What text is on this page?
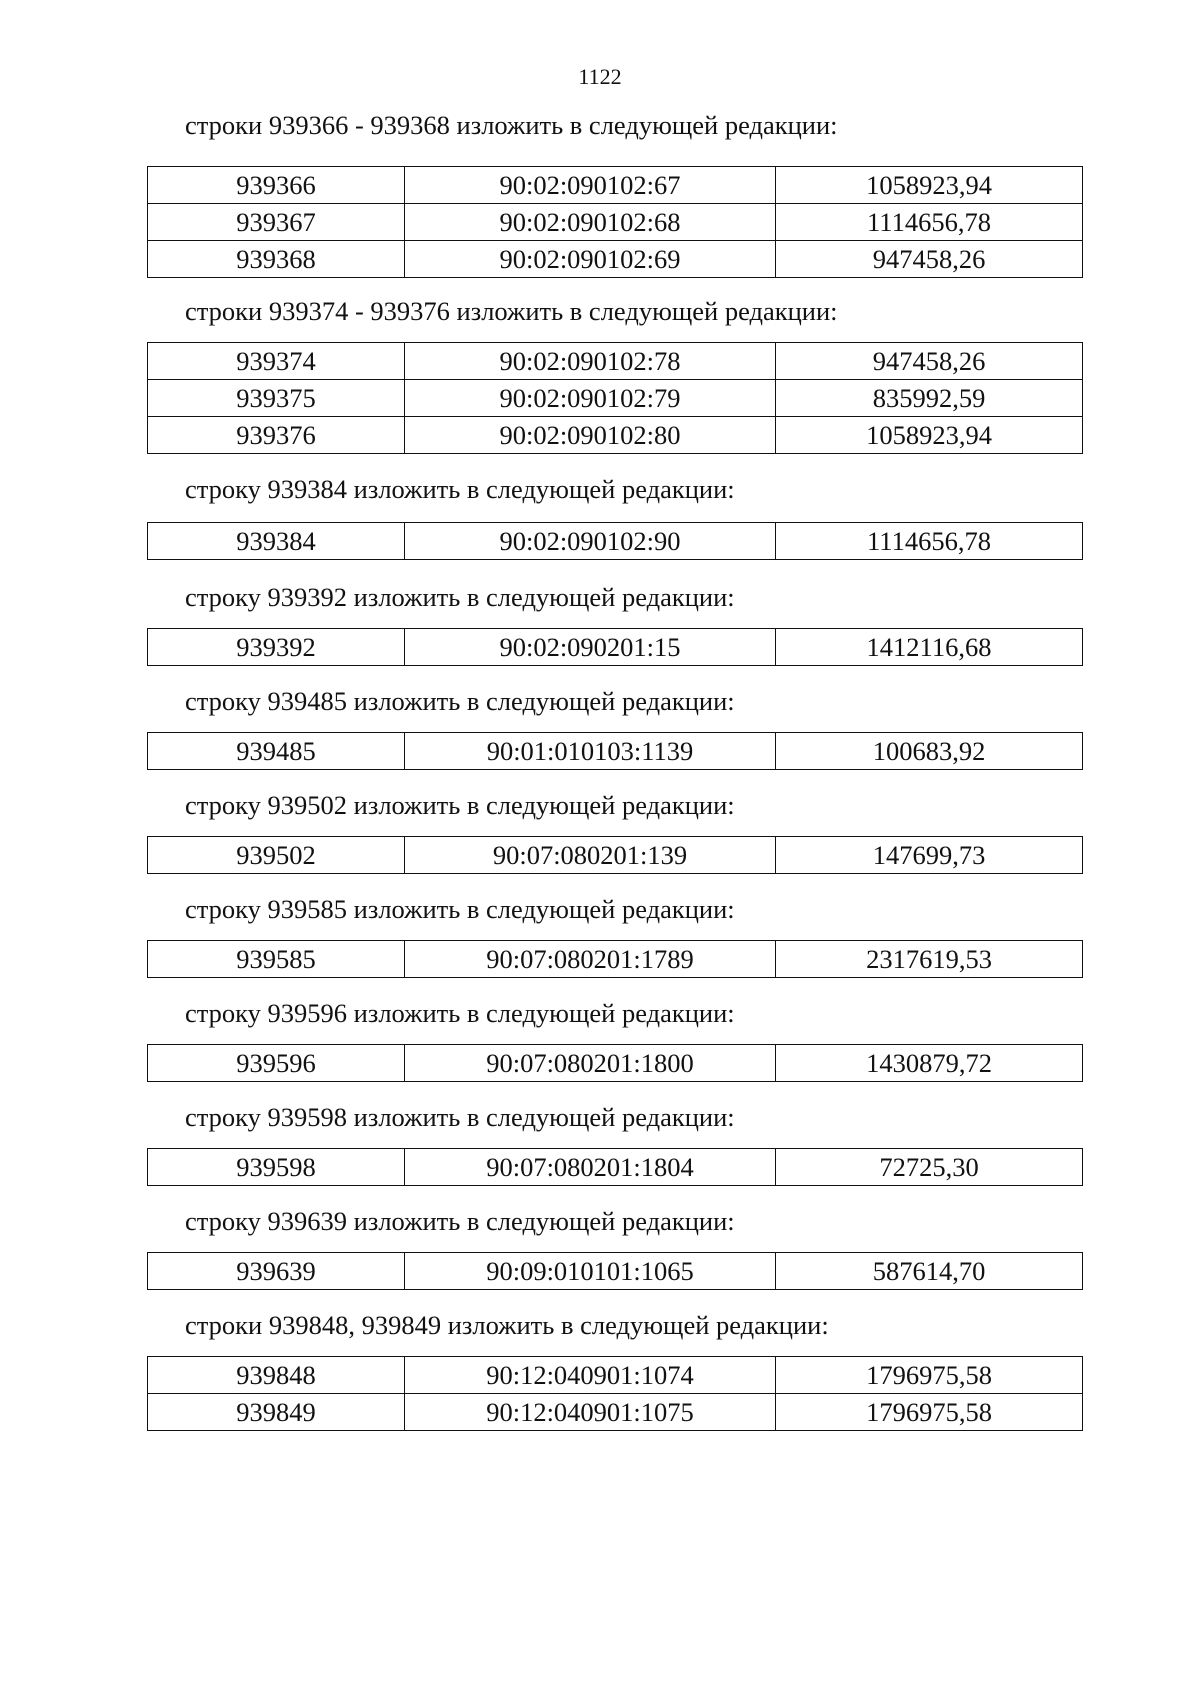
1122
строки 939366 - 939368 изложить в следующей редакции:
939366	90:02:090102:67	1058923,94
939367	90:02:090102:68	1114656,78
939368	90:02:090102:69	947458,26
строки 939374 - 939376 изложить в следующей редакции:
939374	90:02:090102:78	947458,26
939375	90:02:090102:79	835992,59
939376	90:02:090102:80	1058923,94
строку 939384 изложить в следующей редакции:
939384	90:02:090102:90	1114656,78
строку 939392 изложить в следующей редакции:
939392	90:02:090201:15	1412116,68
строку 939485 изложить в следующей редакции:
939485	90:01:010103:1139	100683,92
строку 939502 изложить в следующей редакции:
939502	90:07:080201:139	147699,73
строку 939585 изложить в следующей редакции:
939585	90:07:080201:1789	2317619,53
строку 939596 изложить в следующей редакции:
939596	90:07:080201:1800	1430879,72
строку 939598 изложить в следующей редакции:
939598	90:07:080201:1804	72725,30
строку 939639 изложить в следующей редакции:
939639	90:09:010101:1065	587614,70
строки 939848, 939849 изложить в следующей редакции:
939848	90:12:040901:1074	1796975,58
939849	90:12:040901:1075	1796975,58
